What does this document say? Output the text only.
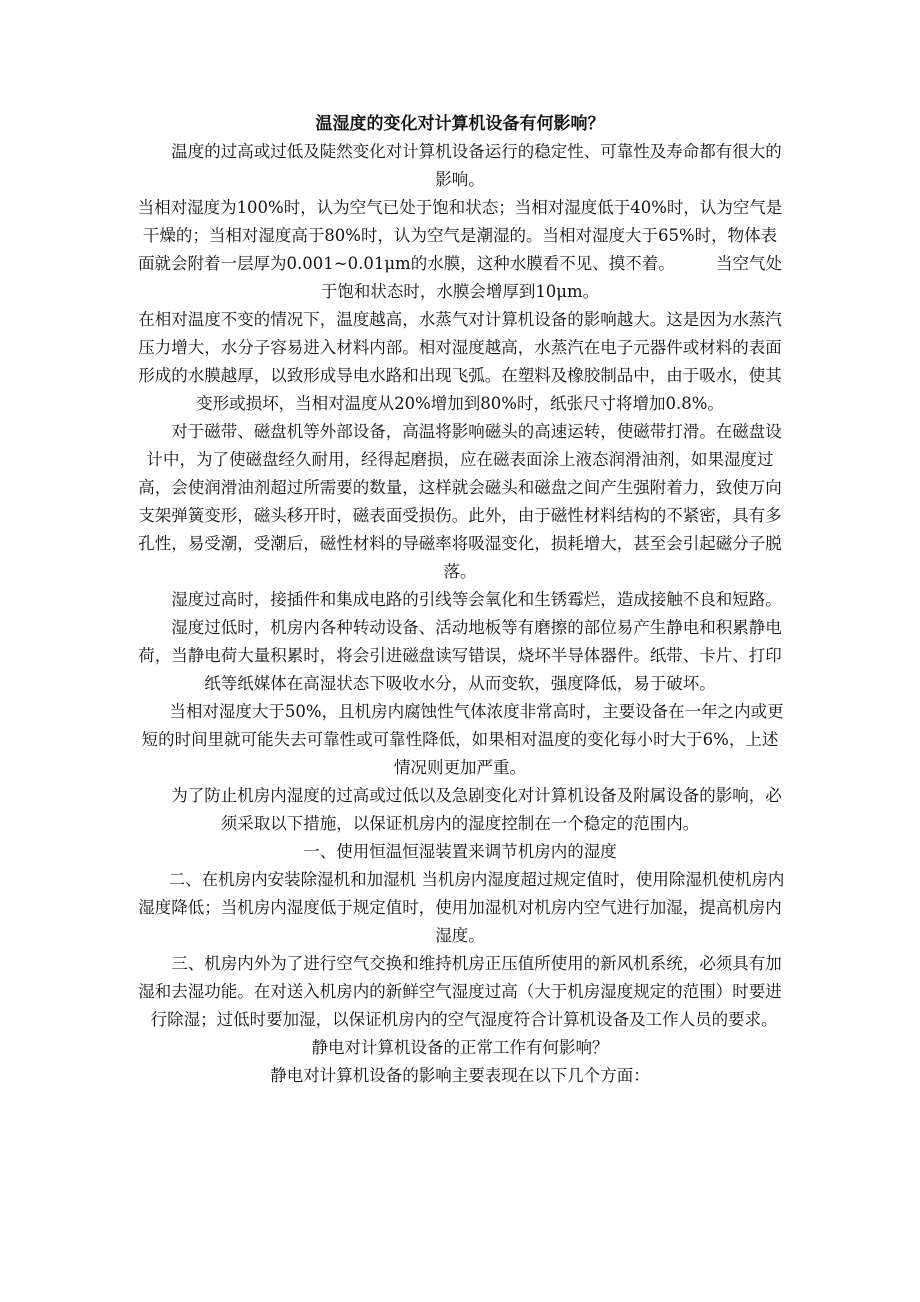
温湿度的变化对计算机设备有何影响？

温度的过高或过低及陡然变化对计算机设备运行的稳定性、可靠性及寿命都有很大的影响。

当相对湿度为100%时，认为空气已处于饱和状态；当相对湿度低于40%时，认为空气是干燥的；当相对湿度高于80%时，认为空气是潮湿的。当相对湿度大于65%时，物体表面就会附着一层厚为0.001~0.01μm的水膜，这种水膜看不见、摸不着。　　　当空气处于饱和状态时，水膜会增厚到10μm。

在相对温度不变的情况下，温度越高，水蒸气对计算机设备的影响越大。这是因为水蒸汽压力增大，水分子容易进入材料内部。相对湿度越高，水蒸汽在电子元器件或材料的表面形成的水膜越厚，以致形成导电水路和出现飞弧。在塑料及橡胶制品中，由于吸水，使其变形或损坏，当相对温度从20%增加到80%时，纸张尺寸将增加0.8%。

对于磁带、磁盘机等外部设备，高温将影响磁头的高速运转，使磁带打滑。在磁盘设计中，为了使磁盘经久耐用，经得起磨损，应在磁表面涂上液态润滑油剂，如果湿度过高，会使润滑油剂超过所需要的数量，这样就会磁头和磁盘之间产生强附着力，致使万向支架弹簧变形，磁头移开时，磁表面受损伤。此外，由于磁性材料结构的不紧密，具有多孔性，易受潮，受潮后，磁性材料的导磁率将吸湿变化，损耗增大，甚至会引起磁分子脱落。

湿度过高时，接插件和集成电路的引线等会氧化和生锈霉烂，造成接触不良和短路。

湿度过低时，机房内各种转动设备、活动地板等有磨擦的部位易产生静电和积累静电荷，当静电荷大量积累时，将会引进磁盘读写错误，烧坏半导体器件。纸带、卡片、打印纸等纸媒体在高湿状态下吸收水分，从而变软，强度降低，易于破坏。

当相对湿度大于50%，且机房内腐蚀性气体浓度非常高时，主要设备在一年之内或更短的时间里就可能失去可靠性或可靠性降低，如果相对温度的变化每小时大于6%，上述情况则更加严重。

为了防止机房内湿度的过高或过低以及急剧变化对计算机设备及附属设备的影响，必须采取以下措施，以保证机房内的湿度控制在一个稳定的范围内。

一、使用恒温恒湿装置来调节机房内的湿度

二、在机房内安装除湿机和加湿机 当机房内湿度超过规定值时，使用除湿机使机房内湿度降低；当机房内湿度低于规定值时，使用加湿机对机房内空气进行加湿，提高机房内湿度。

三、机房内外为了进行空气交换和维持机房正压值所使用的新风机系统，必须具有加湿和去湿功能。在对送入机房内的新鲜空气湿度过高（大于机房湿度规定的范围）时要进行除湿；过低时要加湿，以保证机房内的空气湿度符合计算机设备及工作人员的要求。　静电对计算机设备的正常工作有何影响？

静电对计算机设备的影响主要表现在以下几个方面：
